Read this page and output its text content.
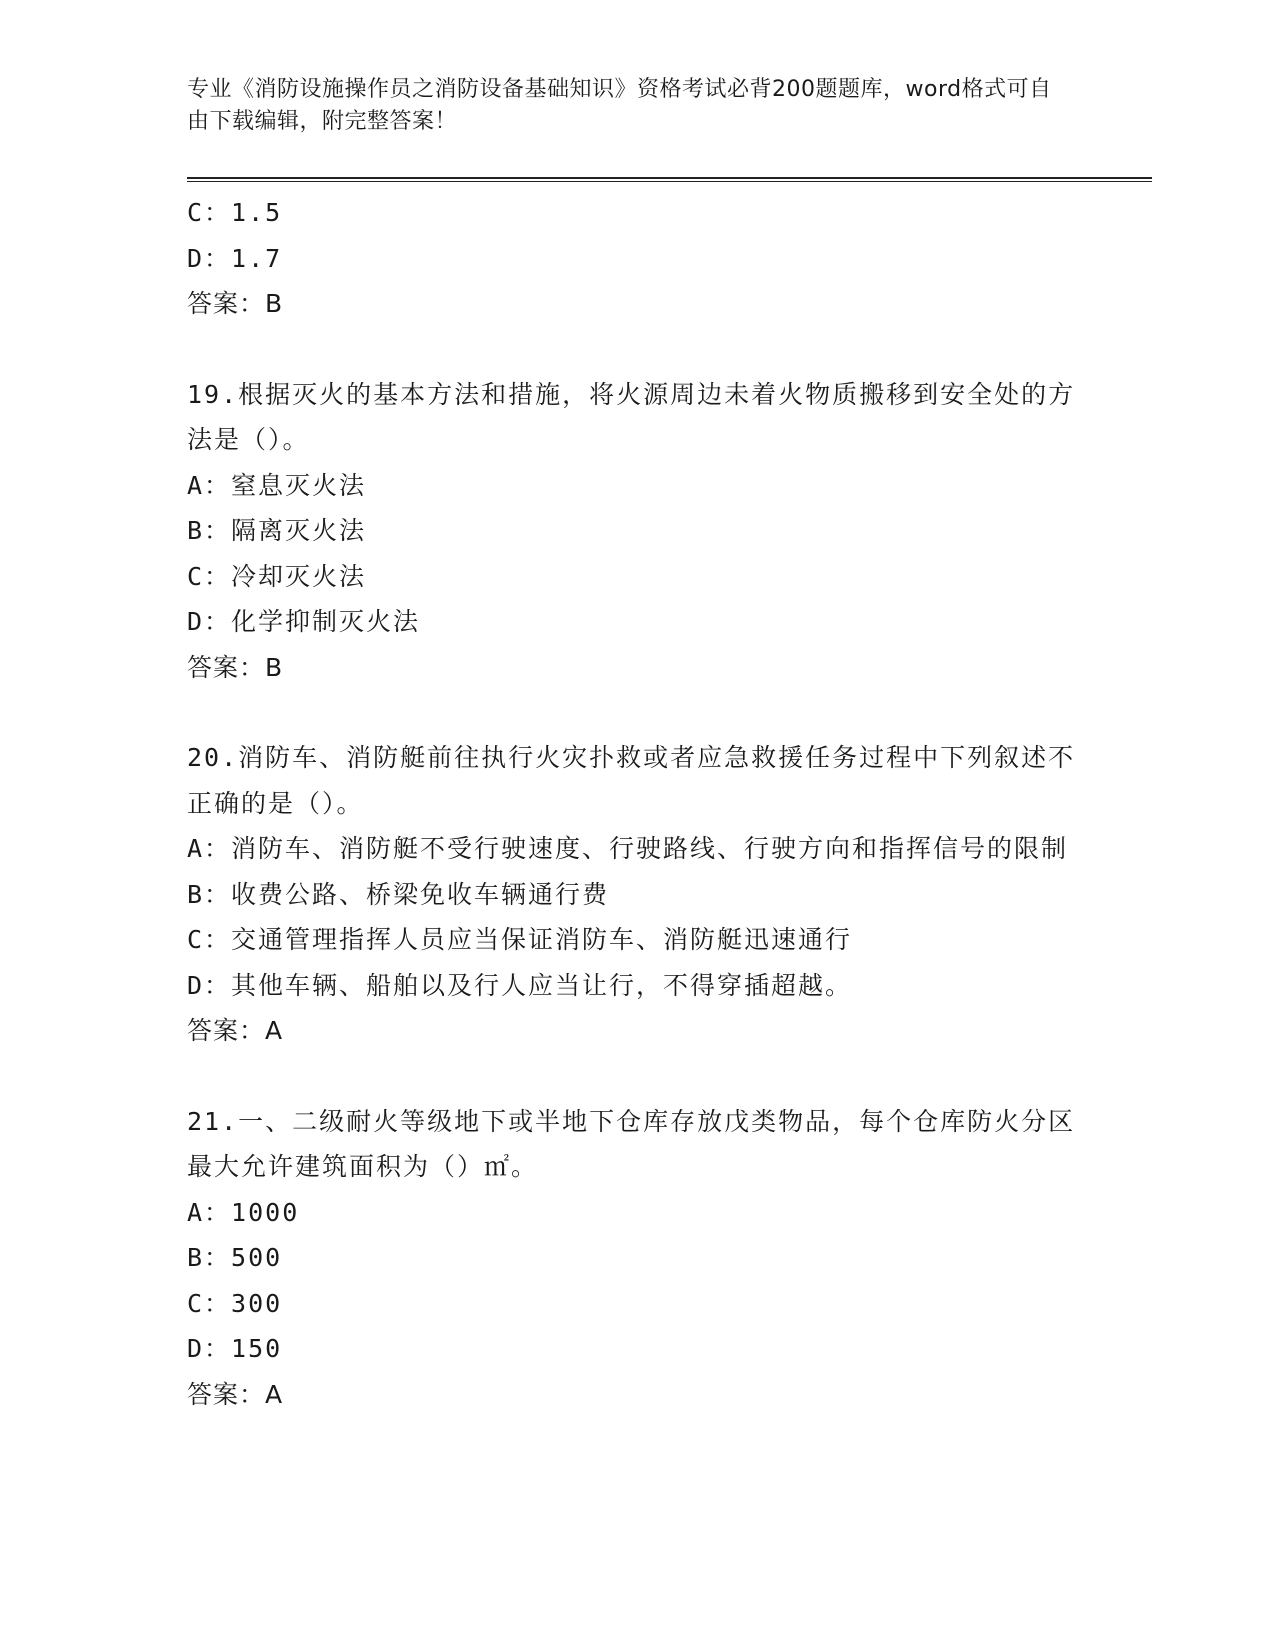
专业《消防设施操作员之消防设备基础知识》资格考试必背200题题库，word格式可自由下载编辑，附完整答案！
C：1.5
D：1.7
答案：B
19.根据灭火的基本方法和措施，将火源周边未着火物质搬移到安全处的方法是（）。
A：窒息灭火法
B：隔离灭火法
C：冷却灭火法
D：化学抑制灭火法
答案：B
20.消防车、消防艇前往执行火灾扑救或者应急救援任务过程中下列叙述不正确的是（）。
A：消防车、消防艇不受行驶速度、行驶路线、行驶方向和指挥信号的限制
B：收费公路、桥梁免收车辆通行费
C：交通管理指挥人员应当保证消防车、消防艇迅速通行
D：其他车辆、船舶以及行人应当让行，不得穿插超越。
答案：A
21.一、二级耐火等级地下或半地下仓库存放戊类物品，每个仓库防火分区最大允许建筑面积为（）㎡。
A：1000
B：500
C：300
D：150
答案：A
